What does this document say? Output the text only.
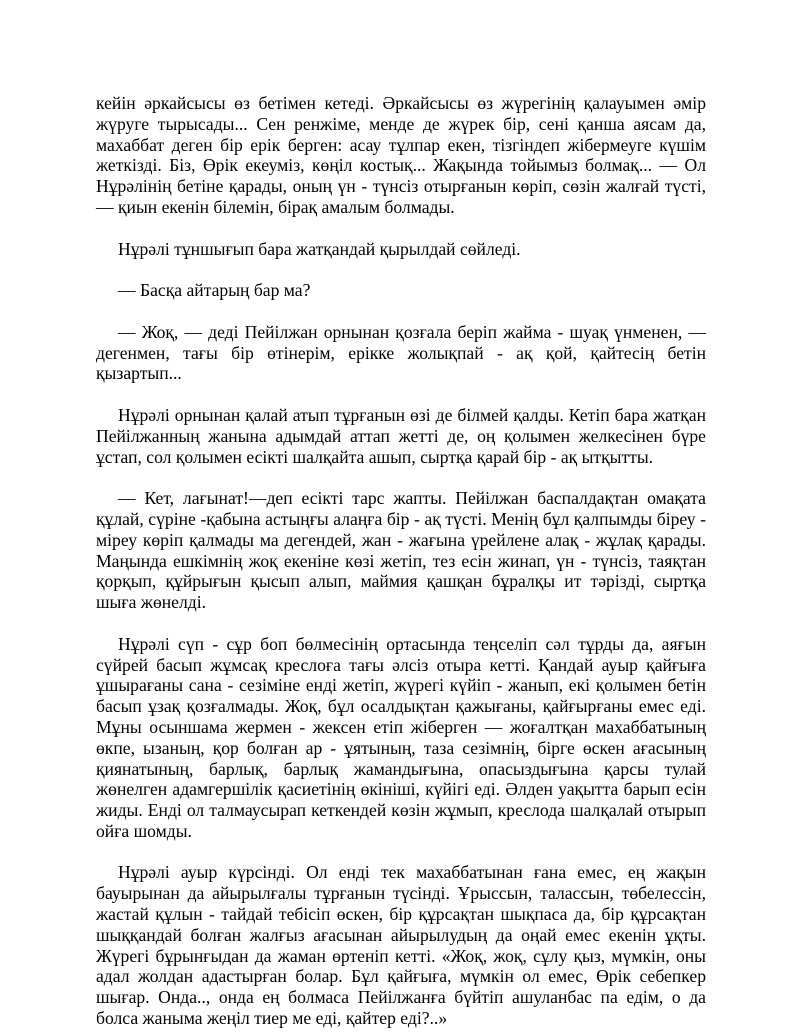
кейін әркайсысы өз бетімен кетеді. Әркайсысы өз жүрегінің қалауымен әмір жүруге тырысады... Сен ренжіме, менде де жүрек бір, сені қанша аясам да, махаббат деген бір ерік берген: асау тұлпар екен, тізгіндеп жібермеуге күшім жеткізді. Біз, Өрік екеуміз, көңіл костық... Жақында тойымыз болмақ... — Ол Нұрәлінің бетіне қарады, оның үн - түнсіз отырғанын көріп, сөзін жалғай түсті, — қиын екенін білемін, бірақ амалым болмады.

Нұрәлі тұншығып бара жатқандай қырылдай сөйледі.

— Басқа айтарың бар ма?

— Жоқ, — деді Пейілжан орнынан қозғала беріп жайма - шуақ үнменен, — дегенмен, тағы бір өтінерім, ерікке жолықпай - ақ қой, қайтесің бетін қызартып...

Нұрәлі орнынан қалай атып тұрғанын өзі де білмей қалды. Кетіп бара жатқан Пейілжанның жанына адымдай аттап жетті де, оң қолымен желкесінен бүре ұстап, сол қолымен есікті шалқайта ашып, сыртқа қарай бір - ақ ытқытты.

— Кет, лағынат!—деп есікті тарс жапты. Пейілжан баспалдақтан омақата құлай, сүріне -қабына астыңғы алаңға бір - ақ түсті. Менің бұл қалпымды біреу - міреу көріп қалмады ма дегендей, жан - жағына үрейлене алақ - жұлақ қарады. Маңында ешкімнің жоқ екеніне көзі жетіп, тез есін жинап, үн - түнсіз, таяқтан қорқып, құйрығын қысып алып, маймия қашқан бұралқы ит тәрізді, сыртқа шыға жөнелді.

Нұрәлі сүп - сұр боп бөлмесінің ортасында теңселіп сәл тұрды да, аяғын сүйрей басып жұмсақ креслоға тағы әлсіз отыра кетті. Қандай ауыр қайғыға ұшырағаны сана - сезіміне енді жетіп, жүрегі күйіп - жанып, екі қолымен бетін басып ұзақ қозғалмады. Жоқ, бұл осалдықтан қажығаны, қайғырғаны емес еді. Мұны осыншама жермен - жексен етіп жіберген — жоғалтқан махаббатының өкпе, ызаның, қор болған ар - ұятының, таза сезімнің, бірге өскен ағасының қиянатының, барлық, барлық жамандығына, опасыздығына қарсы тулай жөнелген адамгершілік қасиетінің өкініші, күйігі еді. Әлден уақытта барып есін жиды. Енді ол талмаусырап кеткендей көзін жұмып, креслода шалқалай отырып ойға шомды.

Нұрәлі ауыр күрсінді. Ол енді тек махаббатынан ғана емес, ең жақын бауырынан да айырылғалы тұрғанын түсінді. Ұрыссын, таласcын, төбелессін, жастай құлын - тайдай тебісіп өскен, бір құрсақтан шықпаса да, бір құрсақтан шыққандай болған жалғыз ағасынан айырылудың да оңай емес екенін ұқты. Жүрегі бұрынғыдан да жаман өртеніп кетті. «Жоқ, жоқ, сұлу қыз, мүмкін, оны адал жолдан адастырған болар. Бұл қайғыға, мүмкін ол емес, Өрік себепкер шығар. Онда.., онда ең болмаса Пейілжанға бүйтіп ашуланбас па едім, о да болса жаныма жеңіл тиер ме еді, қайтер еді?..»
